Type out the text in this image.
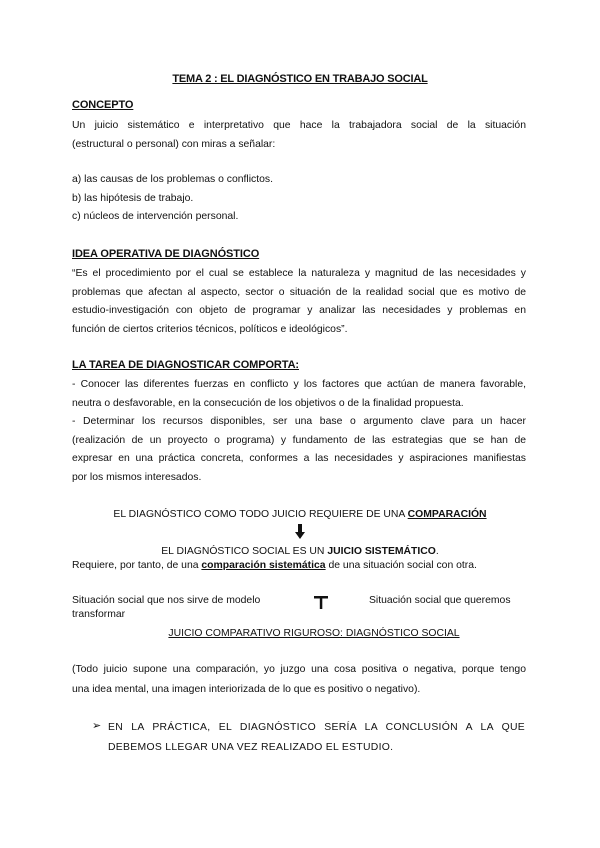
TEMA 2 : EL DIAGNÓSTICO EN TRABAJO SOCIAL
CONCEPTO
Un juicio sistemático e interpretativo que hace la trabajadora social de la situación
(estructural o personal) con miras a señalar:
a) las causas de los problemas o conflictos.
b) las hipótesis de trabajo.
c) núcleos de intervención personal.
IDEA OPERATIVA DE DIAGNÓSTICO
“Es el procedimiento por el cual se establece la naturaleza y magnitud de las necesidades y
problemas que afectan al aspecto, sector o situación de la realidad social que es motivo de
estudio-investigación con objeto de programar y analizar las necesidades y problemas en
función de ciertos criterios técnicos, políticos e ideológicos”.
LA TAREA DE DIAGNOSTICAR COMPORTA:
- Conocer las diferentes fuerzas en conflicto y los factores que actúan de manera favorable,
neutra o desfavorable, en la consecución de los objetivos o de la finalidad propuesta.
- Determinar los recursos disponibles, ser una base o argumento clave para un hacer
(realización de un proyecto o programa) y fundamento de las estrategias que se han de
expresar en una práctica concreta, conformes a las necesidades y aspiraciones manifiestas
por los mismos interesados.
EL DIAGNÓSTICO COMO TODO JUICIO REQUIERE DE UNA COMPARACIÓN
EL DIAGNÓSTICO SOCIAL ES UN JUICIO SISTEMÁTICO.
Requiere, por tanto, de una comparación sistemática de una situación social con otra.
Situación social que nos sirve de modelo	Situación social que queremos
transformar
JUICIO COMPARATIVO RIGUROSO: DIAGNÓSTICO SOCIAL
(Todo juicio supone una comparación, yo juzgo una cosa positiva o negativa, porque tengo
una idea mental, una imagen interiorizada de lo que es positivo o negativo).
➢ EN LA PRÁCTICA, EL DIAGNÓSTICO SERÍA LA CONCLUSIÓN A LA QUE
DEBEMOS LLEGAR UNA VEZ REALIZADO EL ESTUDIO.
